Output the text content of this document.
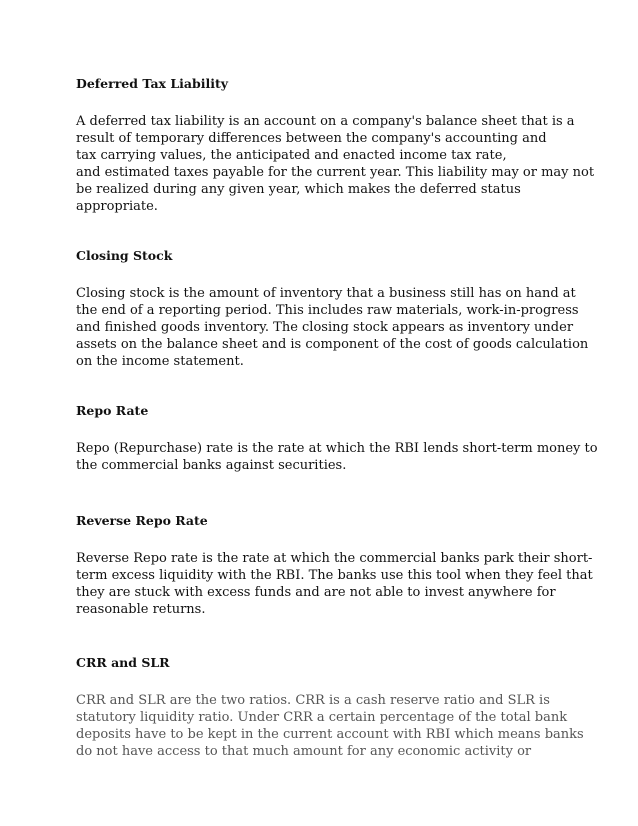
Deferred Tax Liability

A deferred tax liability is an account on a company's balance sheet that is a
result of temporary differences between the company's accounting and
tax carrying values, the anticipated and enacted income tax rate,
and estimated taxes payable for the current year. This liability may or may not
be realized during any given year, which makes the deferred status
appropriate.

Closing Stock

Closing stock is the amount of inventory that a business still has on hand at
the end of a reporting period. This includes raw materials, work-in-progress
and finished goods inventory. The closing stock appears as inventory under
assets on the balance sheet and is component of the cost of goods calculation
on the income statement.

Repo Rate

Repo (Repurchase) rate is the rate at which the RBI lends short-term money to
the commercial banks against securities.

Reverse Repo Rate

Reverse Repo rate is the rate at which the commercial banks park their short-
term excess liquidity with the RBI. The banks use this tool when they feel that
they are stuck with excess funds and are not able to invest anywhere for
reasonable returns.

CRR and SLR

CRR and SLR are the two ratios. CRR is a cash reserve ratio and SLR is
statutory liquidity ratio. Under CRR a certain percentage of the total bank
deposits have to be kept in the current account with RBI which means banks
do not have access to that much amount for any economic activity or
